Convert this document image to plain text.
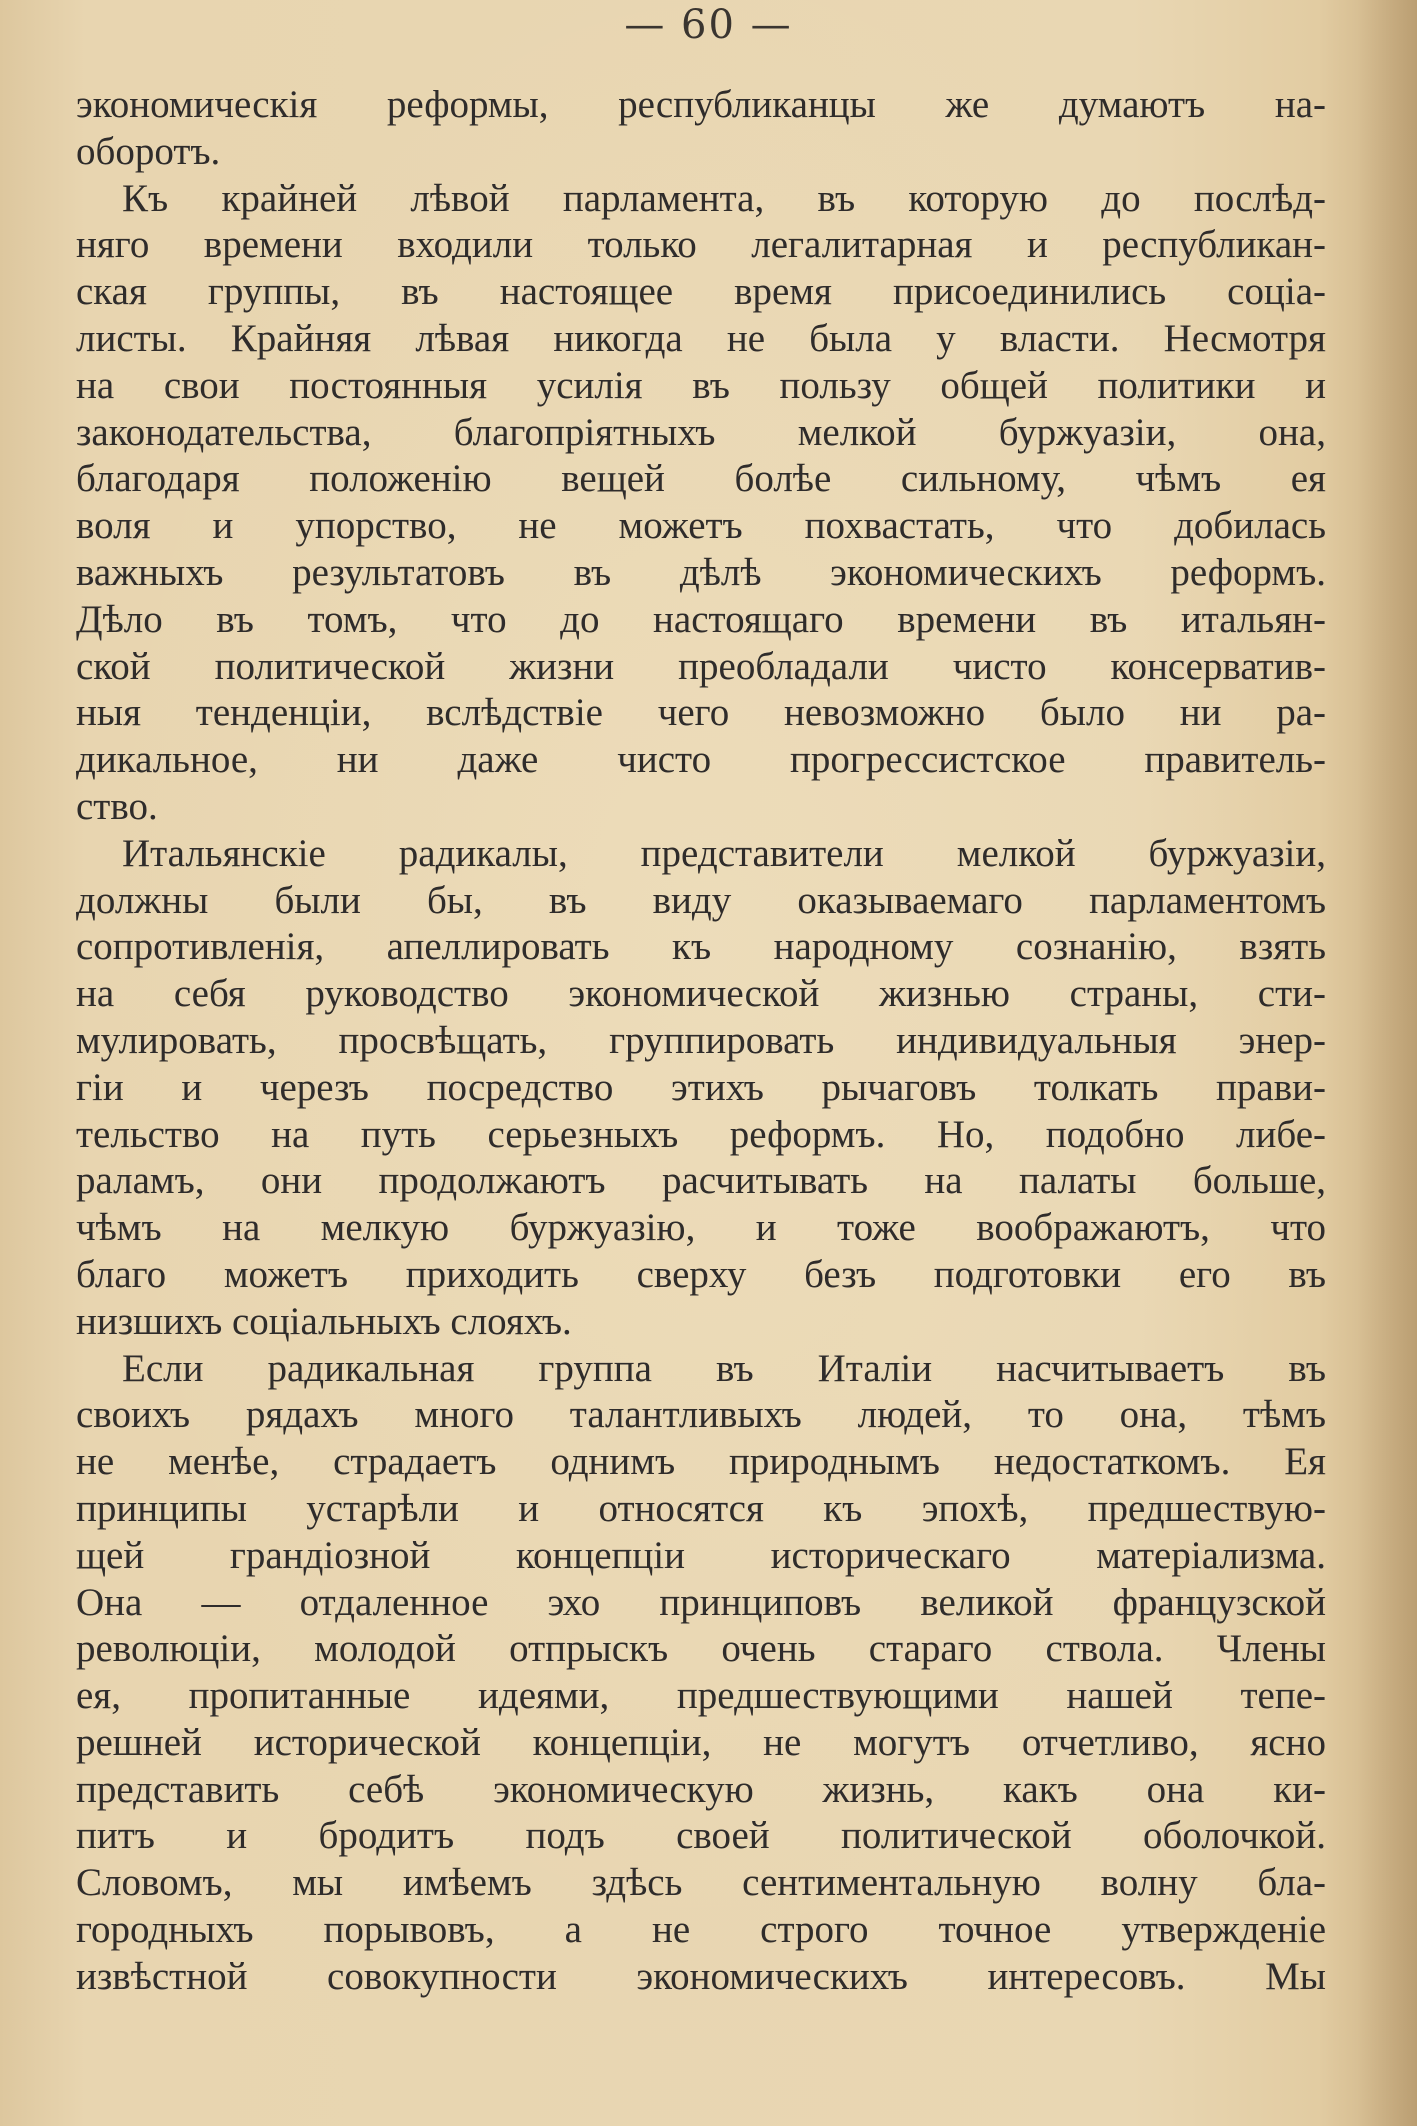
— 60 —
экономическія реформы, республиканцы же думаютъ на-
оборотъ.
Къ крайней лѣвой парламента, въ которую до послѣд-
няго времени входили только легалитарная и республикан-
ская группы, въ настоящее время присоединились соціа-
листы. Крайняя лѣвая никогда не была у власти. Несмотря
на свои постоянныя усилія въ пользу общей политики и
законодательства, благопріятныхъ мелкой буржуазіи, она,
благодаря положенію вещей болѣе сильному, чѣмъ ея
воля и упорство, не можетъ похвастать, что добилась
важныхъ результатовъ въ дѣлѣ экономическихъ реформъ.
Дѣло въ томъ, что до настоящаго времени въ итальян-
ской политической жизни преобладали чисто консерватив-
ныя тенденціи, вслѣдствіе чего невозможно было ни ра-
дикальное, ни даже чисто прогрессистское правитель-
ство.
Итальянскіе радикалы, представители мелкой буржуазіи,
должны были бы, въ виду оказываемаго парламентомъ
сопротивленія, апеллировать къ народному сознанію, взять
на себя руководство экономической жизнью страны, сти-
мулировать, просвѣщать, группировать индивидуальныя энер-
гіи и черезъ посредство этихъ рычаговъ толкать прави-
тельство на путь серьезныхъ реформъ. Но, подобно либе-
раламъ, они продолжаютъ расчитывать на палаты больше,
чѣмъ на мелкую буржуазію, и тоже воображаютъ, что
благо можетъ приходить сверху безъ подготовки его въ
низшихъ соціальныхъ слояхъ.
Если радикальная группа въ Италіи насчитываетъ въ
своихъ рядахъ много талантливыхъ людей, то она, тѣмъ
не менѣе, страдаетъ однимъ природнымъ недостаткомъ. Ея
принципы устарѣли и относятся къ эпохѣ, предшествую-
щей грандіозной концепціи историческаго матеріализма.
Она — отдаленное эхо принциповъ великой французской
революціи, молодой отпрыскъ очень стараго ствола. Члены
ея, пропитанные идеями, предшествующими нашей тепе-
решней исторической концепціи, не могутъ отчетливо, ясно
представить себѣ экономическую жизнь, какъ она ки-
питъ и бродитъ подъ своей политической оболочкой.
Словомъ, мы имѣемъ здѣсь сентиментальную волну бла-
городныхъ порывовъ, а не строго точное утвержденіе
извѣстной совокупности экономическихъ интересовъ. Мы
